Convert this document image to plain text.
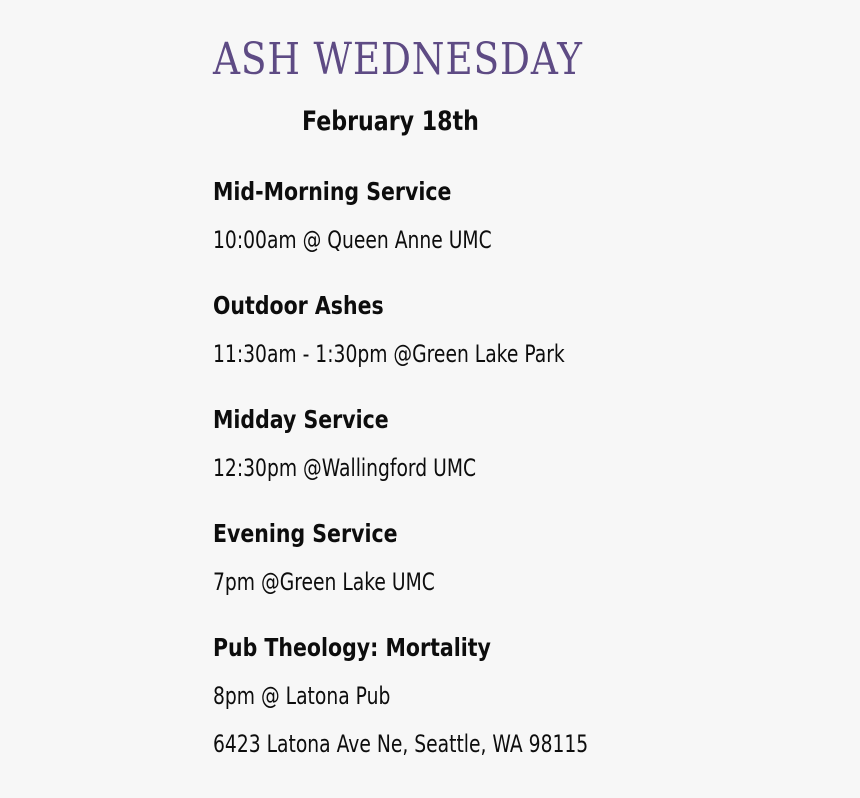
ASH WEDNESDAY
February 18th
Mid-Morning Service
10:00am @ Queen Anne UMC
Outdoor Ashes
11:30am - 1:30pm @Green Lake Park
Midday Service
12:30pm @Wallingford UMC
Evening Service
7pm @Green Lake UMC
Pub Theology: Mortality
8pm @ Latona Pub
6423 Latona Ave Ne, Seattle, WA 98115
